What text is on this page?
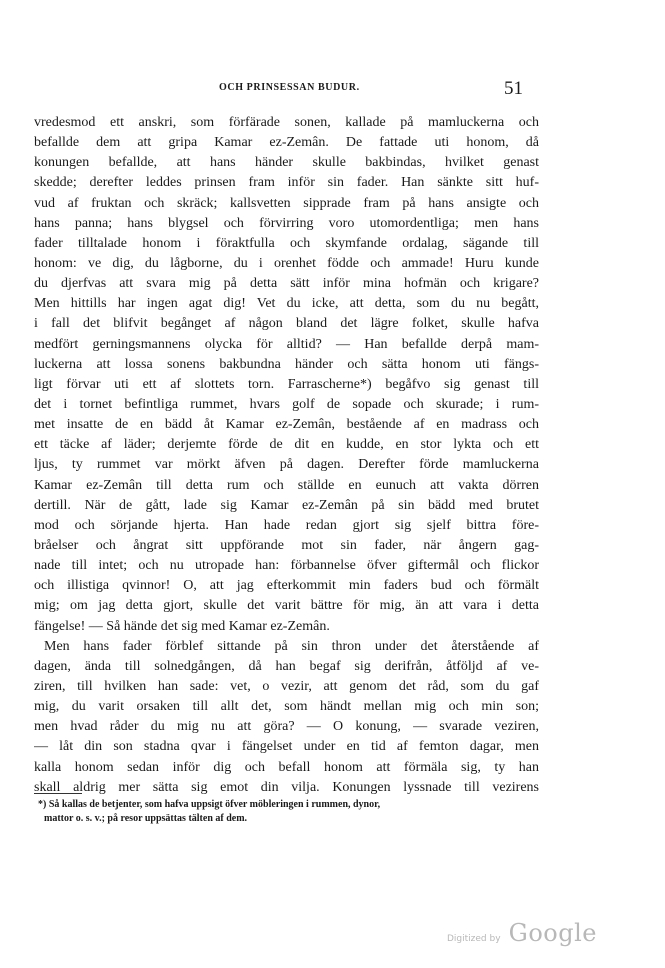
OCH PRINSESSAN BUDUR.	51
vredesmod ett anskri, som förfärade sonen, kallade på mamluckerna och
befallde dem att gripa Kamar ez-Zemân. De fattade uti honom, då
konungen befallde, att hans händer skulle bakbindas, hvilket genast
skedde; derefter leddes prinsen fram inför sin fader. Han sänkte sitt huf-
vud af fruktan och skräck; kallsvetten sipprade fram på hans ansigte och
hans panna; hans blygsel och förvirring voro utomordentliga; men hans
fader tilltalade honom i föraktfulla och skymfande ordalag, sägande till
honom: ve dig, du lågborne, du i orenhet födde och ammade! Huru kunde
du djerfvas att svara mig på detta sätt inför mina hofmän och krigare?
Men hittills har ingen agat dig! Vet du icke, att detta, som du nu begått,
i fall det blifvit begånget af någon bland det lägre folket, skulle hafva
medfört gerningsmannens olycka för alltid? — Han befallde derpå mam-
luckerna att lossa sonens bakbundna händer och sätta honom uti fängs-
ligt förvar uti ett af slottets torn. Farrascherne*) begåfvo sig genast till
det i tornet befintliga rummet, hvars golf de sopade och skurade; i rum-
met insatte de en bädd åt Kamar ez-Zemân, bestående af en madrass och
ett täcke af läder; derjemte förde de dit en kudde, en stor lykta och ett
ljus, ty rummet var mörkt äfven på dagen. Derefter förde mamluckerna
Kamar ez-Zemân till detta rum och ställde en eunuch att vakta dörren
dertill. När de gått, lade sig Kamar ez-Zemân på sin bädd med brutet
mod och sörjande hjerta. Han hade redan gjort sig sjelf bittra före-
bråelser och ångrat sitt uppförande mot sin fader, när ångern gag-
nade till intet; och nu utropade han: förbannelse öfver giftermål och flickor
och illistiga qvinnor! O, att jag efterkommit min faders bud och förmält
mig; om jag detta gjort, skulle det varit bättre för mig, än att vara i detta
fängelse! — Så hände det sig med Kamar ez-Zemân.
Men hans fader förblef sittande på sin thron under det återstående af
dagen, ända till solnedgången, då han begaf sig derifrån, åtföljd af ve-
ziren, till hvilken han sade: vet, o vezir, att genom det råd, som du gaf
mig, du varit orsaken till allt det, som händt mellan mig och min son;
men hvad råder du mig nu att göra? — O konung, — svarade veziren,
— låt din son stadna qvar i fängelset under en tid af femton dagar, men
kalla honom sedan inför dig och befall honom att förmäla sig, ty han
skall aldrig mer sätta sig emot din vilja. Konungen lyssnade till vezirens
*) Så kallas de betjenter, som hafva uppsigt öfver möbleringen i rummen, dynor,
mattor o. s. v.; på resor uppsättas tälten af dem.
Digitized by Google
